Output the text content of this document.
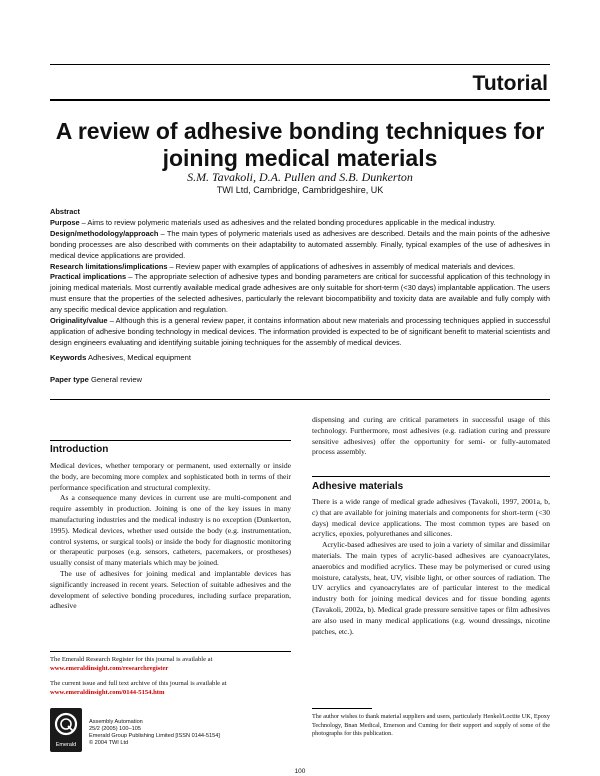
Tutorial
A review of adhesive bonding techniques for
joining medical materials
S.M. Tavakoli, D.A. Pullen and S.B. Dunkerton
TWI Ltd, Cambridge, Cambridgeshire, UK

Abstract

Purpose – Aims to review polymeric materials used as adhesives and the related bonding procedures applicable in the medical industry.

Design/methodology/approach – The main types of polymeric materials used as adhesives are described. Details and the main points of the adhesive bonding processes are also described with comments on their adaptability to automated assembly. Finally, typical examples of the use of adhesives in medical device applications are provided.

Research limitations/implications – Review paper with examples of applications of adhesives in assembly of medical materials and devices.

Practical implications – The appropriate selection of adhesive types and bonding parameters are critical for successful application of this technology in joining medical materials. Most currently available medical grade adhesives are only suitable for short-term (<30 days) implantable application. The users must ensure that the properties of the selected adhesives, particularly the relevant biocompatibility and toxicity data are available and fully comply with any specific medical device application and regulation.

Originality/value – Although this is a general review paper, it contains information about new materials and processing techniques applied in successful application of adhesive bonding technology in medical devices. The information provided is expected to be of significant benefit to material scientists and design engineers evaluating and identifying suitable joining techniques for the assembly of medical devices.

Keywords Adhesives, Medical equipment
Paper type General review
Introduction

Medical devices, whether temporary or permanent, used externally or inside the body, are becoming more complex and sophisticated both in terms of their performance specification and structural complexity.

As a consequence many devices in current use are multi-component and require assembly in production. Joining is one of the key issues in many manufacturing industries and the medical industry is no exception (Dunkerton, 1995). Medical devices, whether used outside the body (e.g. instrumentation, control systems, or surgical tools) or inside the body for diagnostic monitoring or therapeutic purposes (e.g. sensors, catheters, pacemakers, or prostheses) usually consist of many materials which may be joined.

The use of adhesives for joining medical and implantable devices has significantly increased in recent years. Selection of suitable adhesives and the development of selective bonding procedures, including surface preparation, adhesive

dispensing and curing are critical parameters in successful usage of this technology. Furthermore, most adhesives (e.g. radiation curing and pressure sensitive adhesives) offer the opportunity for semi- or fully-automated process assembly.

Adhesive materials

There is a wide range of medical grade adhesives (Tavakoli, 1997, 2001a, b, c) that are available for joining materials and components for short-term (<30 days) medical device applications. The most common types are based on acrylics, epoxies, polyurethanes and silicones.

Acrylic-based adhesives are used to join a variety of similar and dissimilar materials. The main types of acrylic-based adhesives are cyanoacrylates, anaerobics and modified acrylics. These may be polymerised or cured using moisture, catalysts, heat, UV, visible light, or other sources of radiation. The UV acrylics and cyanoacrylates are of particular interest to the medical industry both for joining medical devices and for tissue bonding agents (Tavakoli, 2002a, b). Medical grade pressure sensitive tapes or film adhesives are also used in many medical applications (e.g. wound dressings, nicotine patches, etc.).

The Emerald Research Register for this journal is available at
www.emeraldinsight.com/researchregister
The current issue and full text archive of this journal is available at
www.emeraldinsight.com/0144-5154.htm
Emerald
Assembly Automation
25/2 (2005) 100–105
Emerald Group Publishing Limited [ISSN 0144-5154]
© 2004 TWI Ltd
The author wishes to thank material suppliers and users, particularly Henkel/Loctite UK, Epoxy Technology, Bnan Medical, Emerson and Cuming for their support and supply of some of the photographs for this publication.
100
